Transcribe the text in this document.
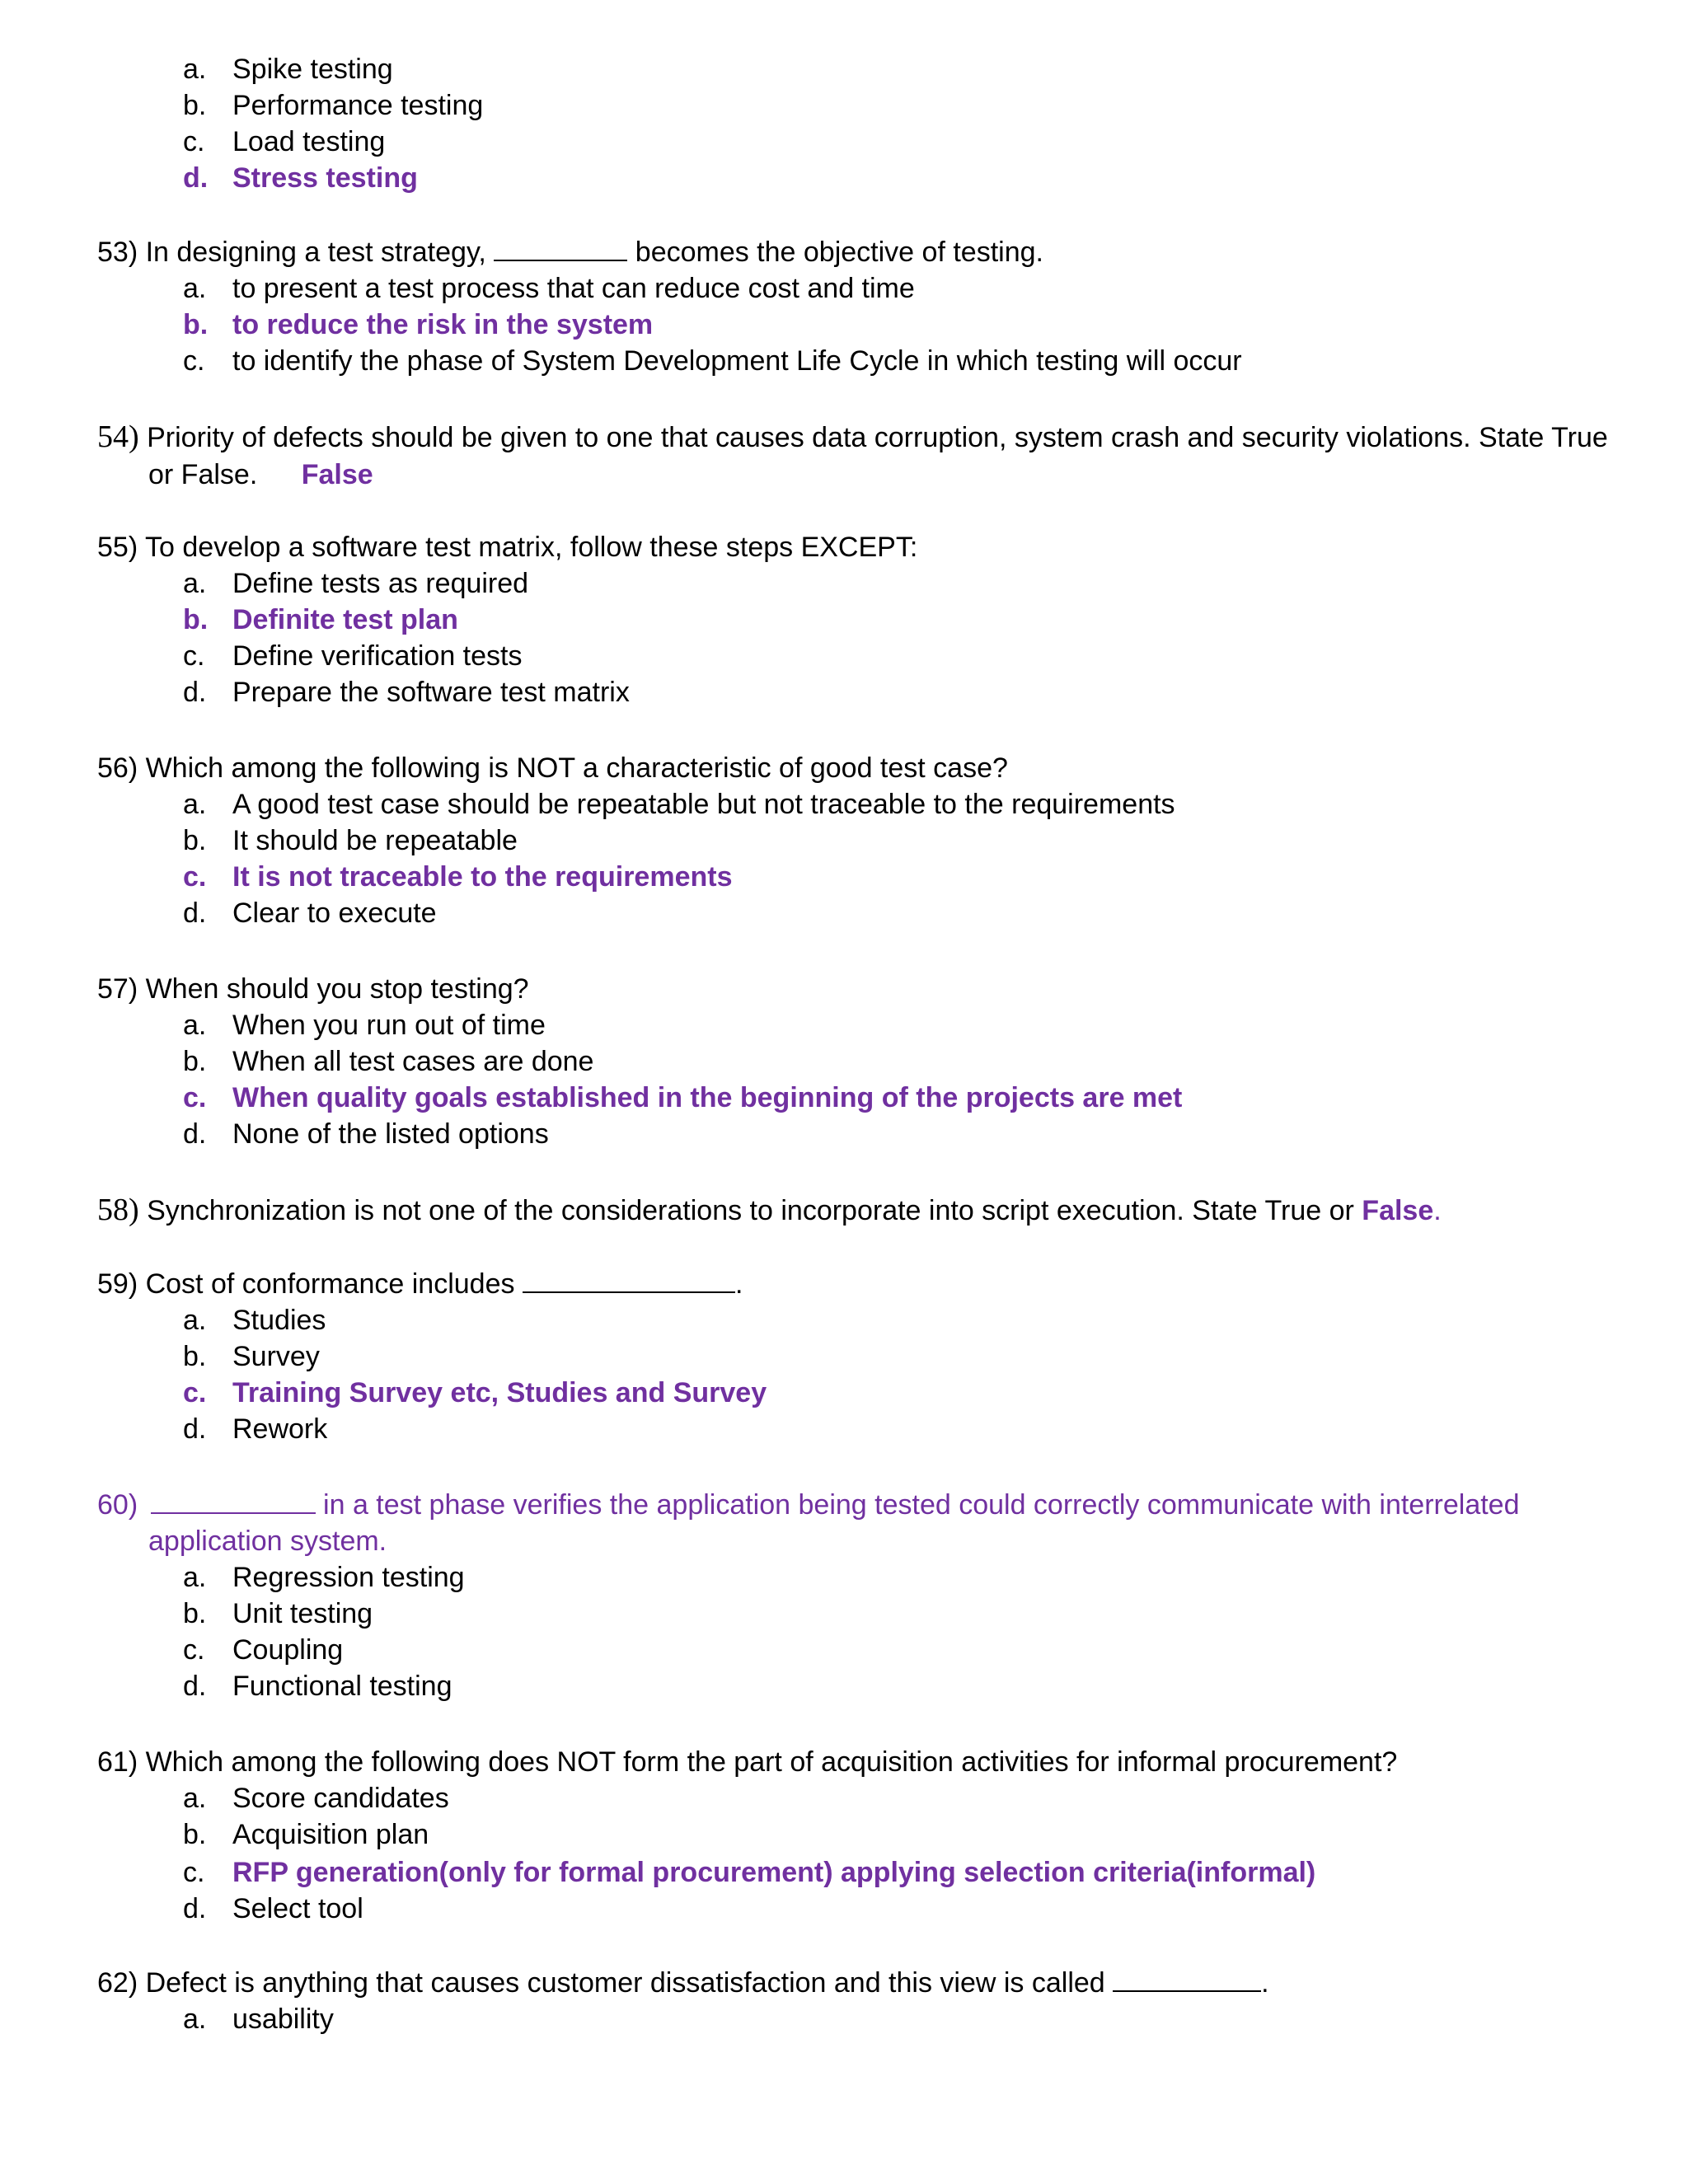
a. Spike testing
b. Performance testing
c. Load testing
d. Stress testing
53) In designing a test strategy,	becomes the objective of testing.
a. to present a test process that can reduce cost and time
b. to reduce the risk in the system
c. to identify the phase of System Development Life Cycle in which testing will occur
54) Priority of defects should be given to one that causes data corruption, system crash and security violations. State True
or False. False
55) To develop a software test matrix, follow these steps EXCEPT:
a. Define tests as required
b. Definite test plan
c. Define verification tests
d. Prepare the software test matrix
56) Which among the following is NOT a characteristic of good test case?
a. A good test case should be repeatable but not traceable to the requirements
b. It should be repeatable
c. It is not traceable to the requirements
d. Clear to execute
57) When should you stop testing?
a. When you run out of time
b. When all test cases are done
c. When quality goals established in the beginning of the projects are met
d. None of the listed options
58) Synchronization is not one of the considerations to incorporate into script execution. State True or False.
59) Cost of conformance includes	.
a. Studies
b. Survey
c. Training Survey etc, Studies and Survey
d. Rework
60)	in a test phase verifies the application being tested could correctly communicate with interrelated
application system.
a. Regression testing
b. Unit testing
c. Coupling
d. Functional testing
61) Which among the following does NOT form the part of acquisition activities for informal procurement?
a. Score candidates
b. Acquisition plan
c. RFP generation(only for formal procurement) applying selection criteria(informal)
d. Select tool
62) Defect is anything that causes customer dissatisfaction and this view is called	.
a. usability
